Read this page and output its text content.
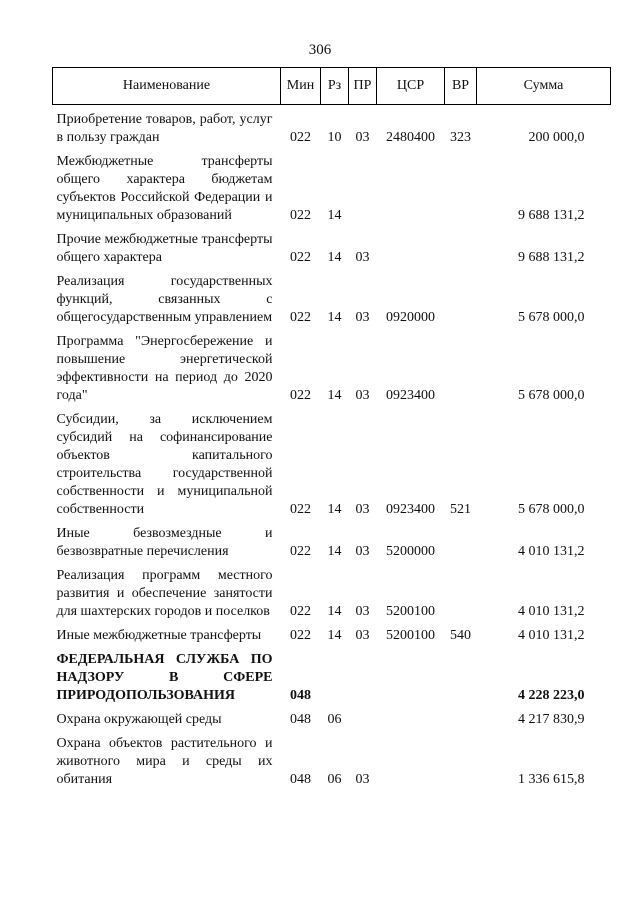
306
Наименование	Мин	Рз	ПР	ЦСР	ВР	Сумма
Приобретение товаров, работ, услуг в пользу граждан	022	10	03	2480400	323	200 000,0
Межбюджетные трансферты общего характера бюджетам субъектов Российской Федерации и муниципальных образований	022	14				9 688 131,2
Прочие межбюджетные трансферты общего характера	022	14	03			9 688 131,2
Реализация государственных функций, связанных с общегосударственным управлением	022	14	03	0920000		5 678 000,0
Программа "Энергосбережение и повышение энергетической эффективности на период до 2020 года"	022	14	03	0923400		5 678 000,0
Субсидии, за исключением субсидий на софинансирование объектов капитального строительства государственной собственности и муниципальной собственности	022	14	03	0923400	521	5 678 000,0
Иные безвозмездные и безвозвратные перечисления	022	14	03	5200000		4 010 131,2
Реализация программ местного развития и обеспечение занятости для шахтерских городов и поселков	022	14	03	5200100		4 010 131,2
Иные межбюджетные трансферты	022	14	03	5200100	540	4 010 131,2
ФЕДЕРАЛЬНАЯ СЛУЖБА ПО НАДЗОРУ В СФЕРЕ ПРИРОДОПОЛЬЗОВАНИЯ	048					4 228 223,0
Охрана окружающей среды	048	06				4 217 830,9
Охрана объектов растительного и животного мира и среды их обитания	048	06	03			1 336 615,8
